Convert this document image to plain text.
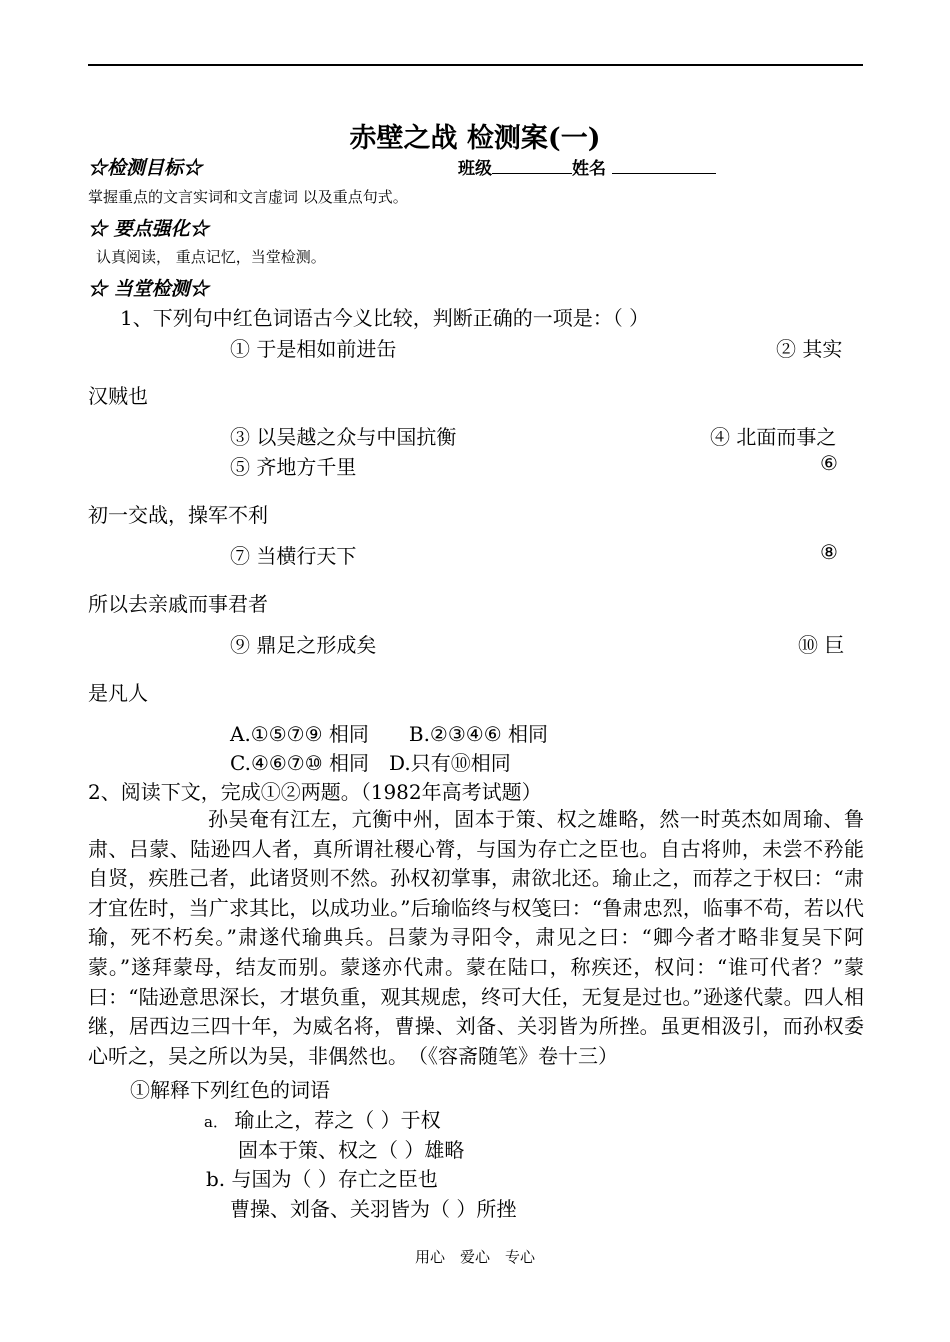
赤壁之战 检测案(一)
☆检测目标☆	班级	姓名
掌握重点的文言实词和文言虚词 以及重点句式。
☆ 要点强化☆
认真阅读， 重点记忆，当堂检测。
☆ 当堂检测☆
1、下列句中红色词语古今义比较，判断正确的一项是：（ ）
① 于是相如前进缶	② 其实
汉贼也
③ 以吴越之众与中国抗衡	④ 北面而事之
⑤ 齐地方千里	⑥
初一交战，操军不利
⑦ 当横行天下	⑧
所以去亲戚而事君者
⑨ 鼎足之形成矣	⑩ 巨
是凡人
A.①⑤⑦⑨ 相同　　B.②③④⑥ 相同
C.④⑥⑦⑩ 相同　D.只有⑩相同
2、阅读下文，完成①②两题。（1982年高考试题）
孙吴奄有江左，亢衡中州，固本于策、权之雄略，然一时英杰如周瑜、鲁肃、吕蒙、陆逊四人者，真所谓社稷心膂，与国为存亡之臣也。自古将帅，未尝不矜能自贤，疾胜己者，此诸贤则不然。孙权初掌事，肃欲北还。瑜止之，而荐之于权曰：“肃才宜佐时，当广求其比，以成功业。”后瑜临终与权笺曰：“鲁肃忠烈，临事不苟，若以代瑜，死不朽矣。”肃遂代瑜典兵。吕蒙为寻阳令，肃见之曰：“卿今者才略非复吴下阿蒙。”遂拜蒙母，结友而别。蒙遂亦代肃。蒙在陆口，称疾还，权问：“谁可代者？”蒙曰：“陆逊意思深长，才堪负重，观其规虑，终可大任，无复是过也。”逊遂代蒙。四人相继，居西边三四十年，为威名将，曹操、刘备、关羽皆为所挫。虽更相汲引，而孙权委心听之，吴之所以为吴，非偶然也。　（《容斋随笔》卷十三）
①解释下列红色的词语
a． 瑜止之，荐之（ ）于权
固本于策、权之（ ）雄略
b. 与国为（ ）存亡之臣也
曹操、刘备、关羽皆为（ ）所挫
用心　爱心　专心
